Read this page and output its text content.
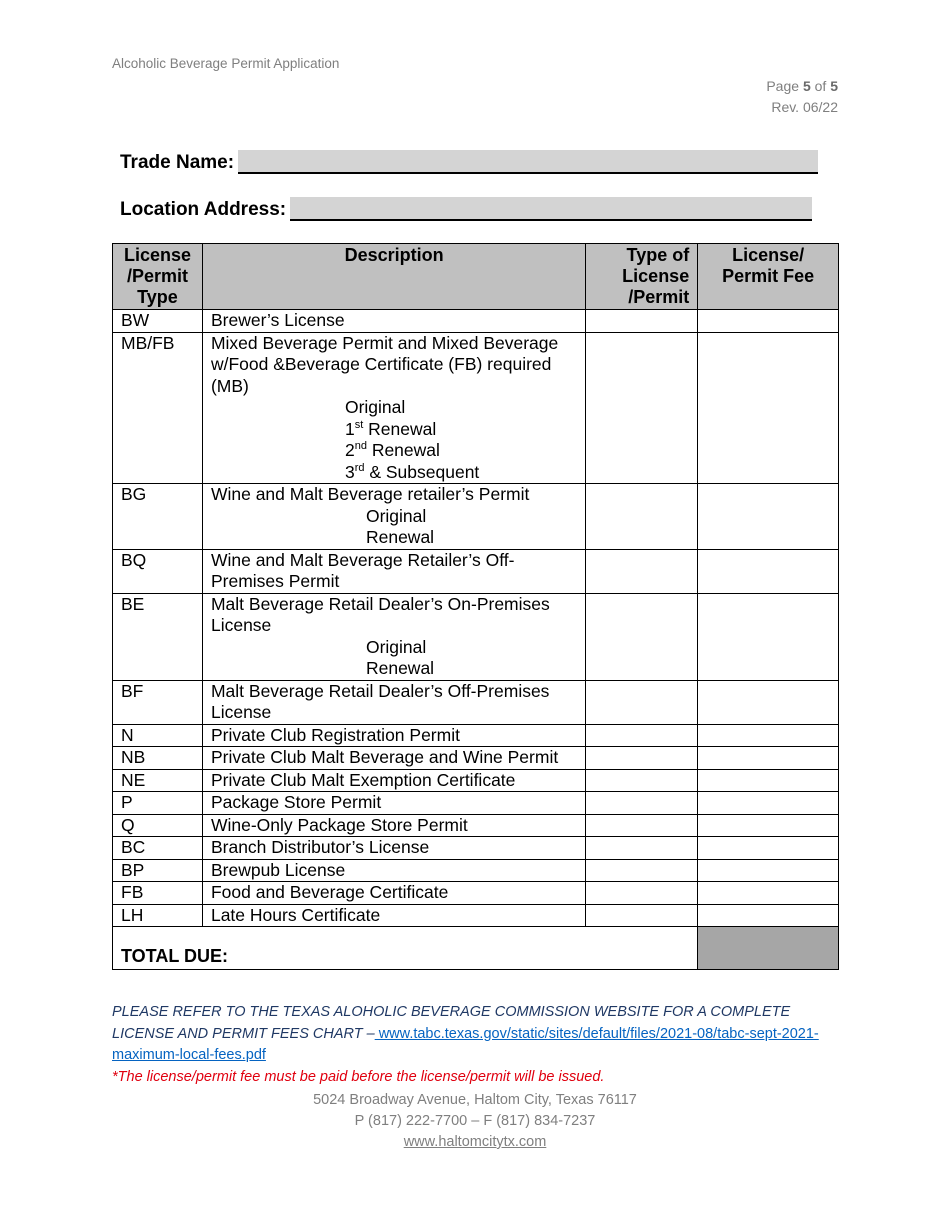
Alcoholic Beverage Permit Application
Page 5 of 5
Rev. 06/22
Trade Name:
Location Address:
License /Permit Type	Description	Type of License /Permit	License/ Permit Fee
BW	Brewer’s License		
MB/FB	Mixed Beverage Permit and Mixed Beverage w/Food &Beverage Certificate (FB) required (MB)
Original
1st Renewal
2nd Renewal
3rd & Subsequent		

BG	Wine and Malt Beverage retailer’s Permit
Original
Renewal		

BQ	Wine and Malt Beverage Retailer’s Off-Premises Permit		
BE	Malt Beverage Retail Dealer’s On-Premises License
Original
Renewal		

BF	Malt Beverage Retail Dealer’s Off-Premises License		
N	Private Club Registration Permit		
NB	Private Club Malt Beverage and Wine Permit		
NE	Private Club Malt Exemption Certificate		
P	Package Store Permit		
Q	Wine-Only Package Store Permit		
BC	Branch Distributor’s License		
BP	Brewpub License		
FB	Food and Beverage Certificate		
LH	Late Hours Certificate		
TOTAL DUE:			
PLEASE REFER TO THE TEXAS ALOHOLIC BEVERAGE COMMISSION WEBSITE FOR A COMPLETE LICENSE AND PERMIT FEES CHART – www.tabc.texas.gov/static/sites/default/files/2021-08/tabc-sept-2021-maximum-local-fees.pdf
*The license/permit fee must be paid before the license/permit will be issued.
5024 Broadway Avenue, Haltom City, Texas 76117
P (817) 222-7700 – F (817) 834-7237
www.haltomcitytx.com
